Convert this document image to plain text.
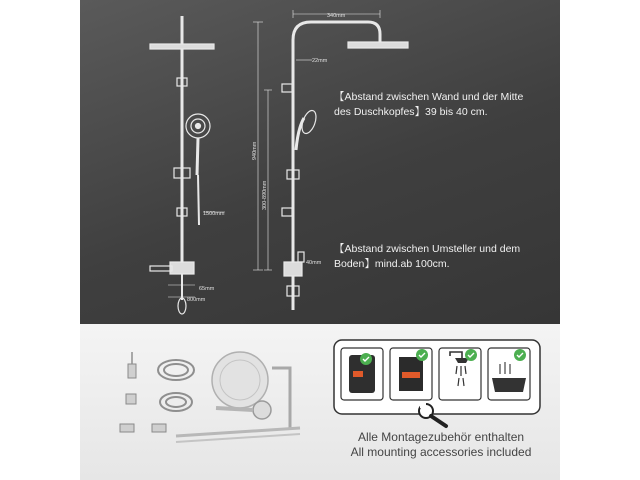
65mm
800mm
1500mm
340mm
22mm
940mm
300-890mm
40mm
【Abstand zwischen Wand und der Mitte des Duschkopfes】39 bis 40 cm.
【Abstand zwischen Umsteller und dem Boden】mind.ab 100cm.
Alle Montagezubehör enthalten
All mounting accessories included
